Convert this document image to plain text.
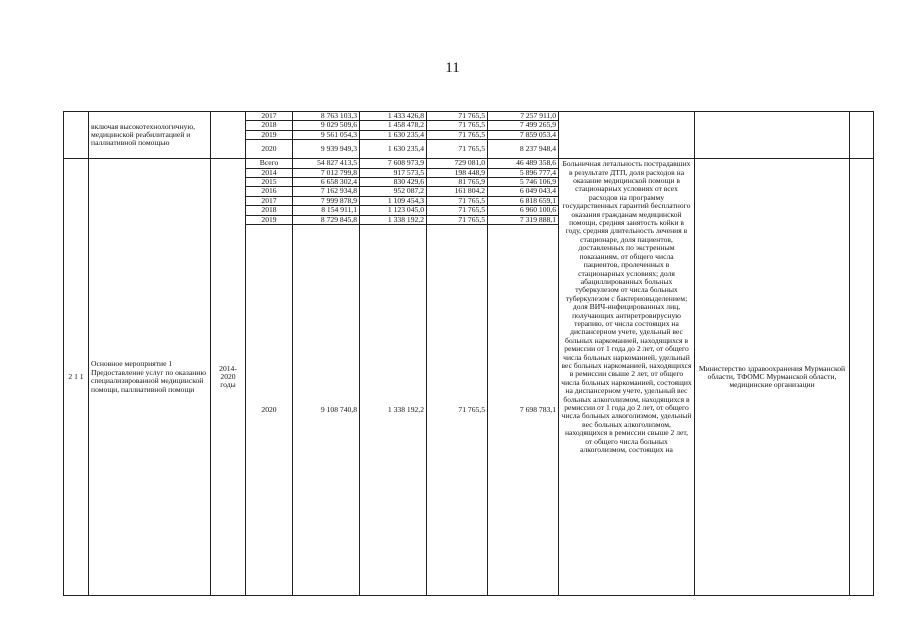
11
	включая высокотехнологичную, медицинской реабилитацией и паллиативной помощью		2017	8 763 103,3	1 433 426,8	71 765,5	7 257 911,0			
			2018	9 029 509,6	1 458 478,2	71 765,5	7 499 265,9			
			2019	9 561 054,3	1 630 235,4	71 765,5	7 859 053,4			
			2020	9 939 949,3	1 630 235,4	71 765,5	8 237 948,4			
2 1 1	Основное мероприятие 1 Предоставление услуг по оказанию специализированной медицинской помощи, паллиативной помощи	2014-2020 годы	Всего	54 827 413,5	7 608 973,9	729 081,0	46 489 358,6	Больничная летальность пострадавших в результате ДТП, доля расходов на оказание медицинской помощи в стационарных условиях от всех расходов на программу государственных гарантий бесплатного оказания гражданам медицинской помощи, средняя занятость койки в году, средняя длительность лечения в стационаре, доля пациентов, доставленных по экстренным показаниям, от общего числа пациентов, пролеченных в стационарных условиях; доля абациллированных больных туберкулезом от числа больных туберкулезом с бактериовыделением; доля ВИЧ-инфицированных лиц, получающих антиретровирусную терапию, от числа состоящих на диспансерном учете, удельный вес больных наркоманией, находящихся в ремиссии от 1 года до 2 лет, от общего числа больных наркоманией, удельный вес больных наркоманией, находящихся в ремиссии свыше 2 лет, от общего числа больных наркоманией, состоящих на диспансерном учете, удельный вес больных алкоголизмом, находящихся в ремиссии от 1 года до 2 лет, от общего числа больных алкоголизмом, удельный вес больных алкоголизмом, находящихся в ремиссии свыше 2 лет, от общего числа больных алкоголизмом, состоящих на	Министерство здравоохранения Мурманской области, ТФОМС Мурманской области, медицинские организации	
			2014	7 012 799,8	917 573,5	198 448,9	5 896 777,4			
			2015	6 658 302,4	830 429,6	81 765,9	5 746 106,9			
			2016	7 162 934,8	952 087,2	161 804,2	6 049 043,4			
			2017	7 999 878,9	1 109 454,3	71 765,5	6 818 659,1			
			2018	8 154 911,1	1 123 045,0	71 765,5	6 960 100,6			
			2019	8 729 845,8	1 338 192,2	71 765,5	7 319 888,1			
			2020	9 108 740,8	1 338 192,2	71 765,5	7 698 783,1			
